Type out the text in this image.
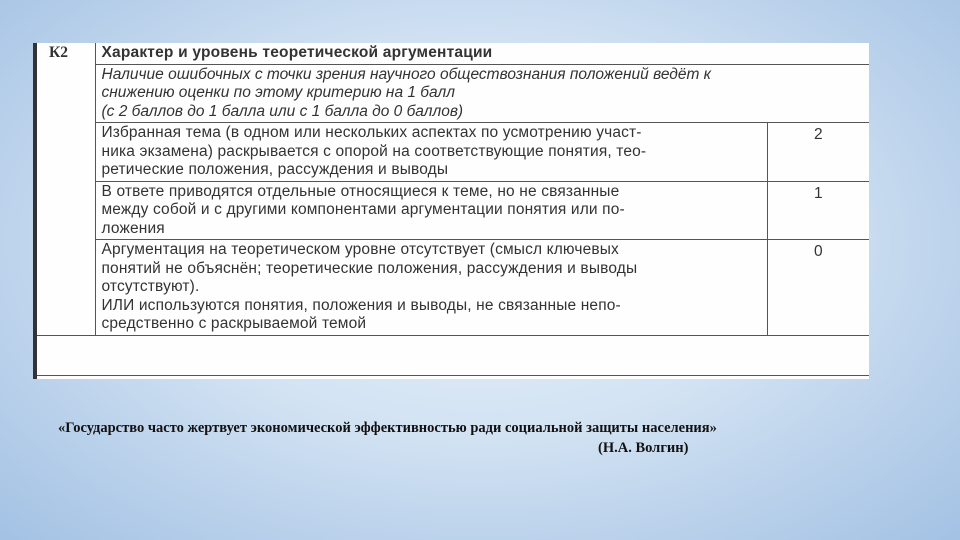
К2	Характер и уровень теоретической аргументации	

	Наличие ошибочных с точки зрения научного обществознания положений ведёт к
снижению оценки по этому критерию на 1 балл
(с 2 баллов до 1 балла или с 1 балла до 0 баллов)	

	Избранная тема (в одном или нескольких аспектах по усмотрению участ-
ника экзамена) раскрывается с опорой на соответствующие понятия, тео-
ретические положения, рассуждения и выводы	2

	В ответе приводятся отдельные относящиеся к теме, но не связанные
между собой и с другими компонентами аргументации понятия или по-
ложения	1

	Аргументация на теоретическом уровне отсутствует (смысл ключевых
понятий не объяснён; теоретические положения, рассуждения и выводы
отсутствуют).
ИЛИ используются понятия, положения и выводы, не связанные непо-
средственно с раскрываемой темой	0
«Государство часто жертвует экономической эффективностью ради социальной защиты населения»
(Н.А. Волгин)
